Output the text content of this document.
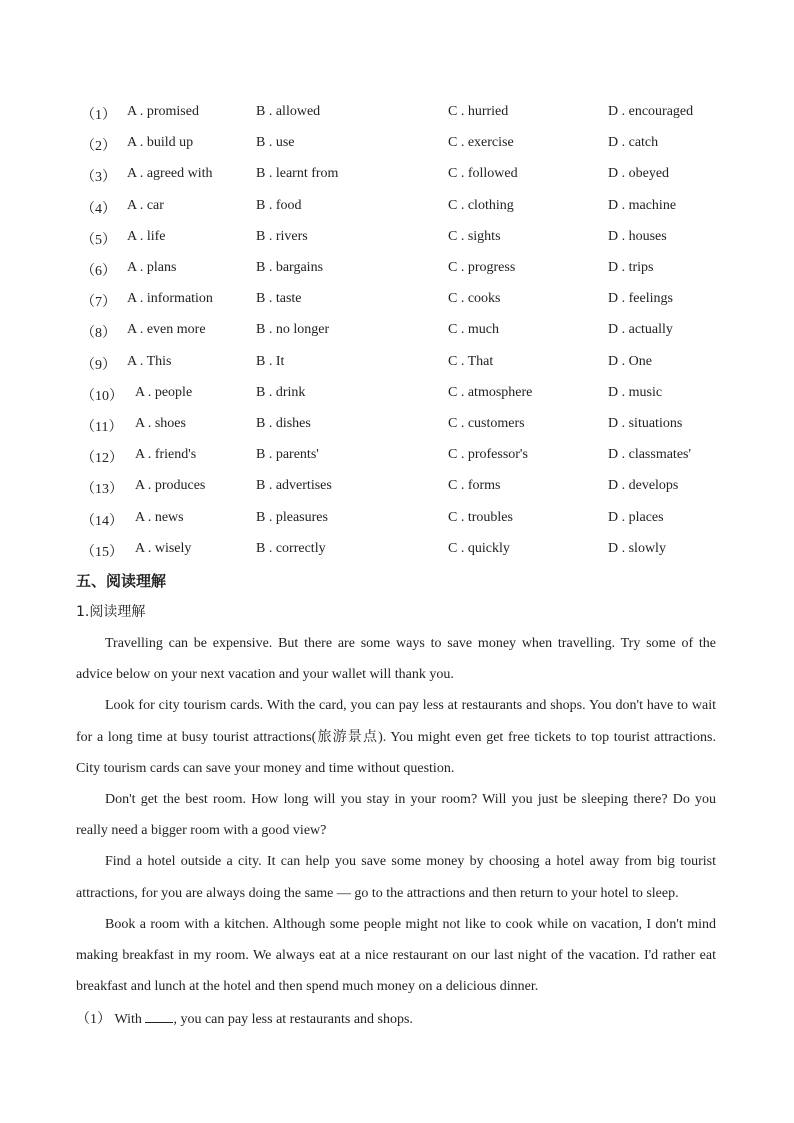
（1） A . promised	B . allowed	C . hurried	D . encouraged
（2） A . build up	B . use	C . exercise	D . catch
（3） A . agreed with	B . learnt from	C . followed	D . obeyed
（4） A . car	B . food	C . clothing	D . machine
（5） A . life	B . rivers	C . sights	D . houses
（6） A . plans	B . bargains	C . progress	D . trips
（7） A . information	B . taste	C . cooks	D . feelings
（8） A . even more	B . no longer	C . much	D . actually
（9） A . This	B . It	C . That	D . One
（10） A . people	B . drink	C . atmosphere	D . music
（11） A . shoes	B . dishes	C . customers	D . situations
（12） A . friend's	B . parents'	C . professor's	D . classmates'
（13） A . produces	B . advertises	C . forms	D . develops
（14） A . news	B . pleasures	C . troubles	D . places
（15） A . wisely	B . correctly	C . quickly	D . slowly
五、阅读理解
1.阅读理解

Travelling can be expensive. But there are some ways to save money when travelling. Try some of the advice below on your next vacation and your wallet will thank you.

Look for city tourism cards. With the card, you can pay less at restaurants and shops. You don't have to wait for a long time at busy tourist attractions(旅游景点). You might even get free tickets to top tourist attractions. City tourism cards can save your money and time without question.

Don't get the best room. How long will you stay in your room? Will you just be sleeping there? Do you really need a bigger room with a good view?

Find a hotel outside a city. It can help you save some money by choosing a hotel away from big tourist attractions, for you are always doing the same — go to the attractions and then return to your hotel to sleep.

Book a room with a kitchen. Although some people might not like to cook while on vacation, I don't mind making breakfast in my room. We always eat at a nice restaurant on our last night of the vacation. I'd rather eat breakfast and lunch at the hotel and then spend much money on a delicious dinner.

（1） With , you can pay less at restaurants and shops.
